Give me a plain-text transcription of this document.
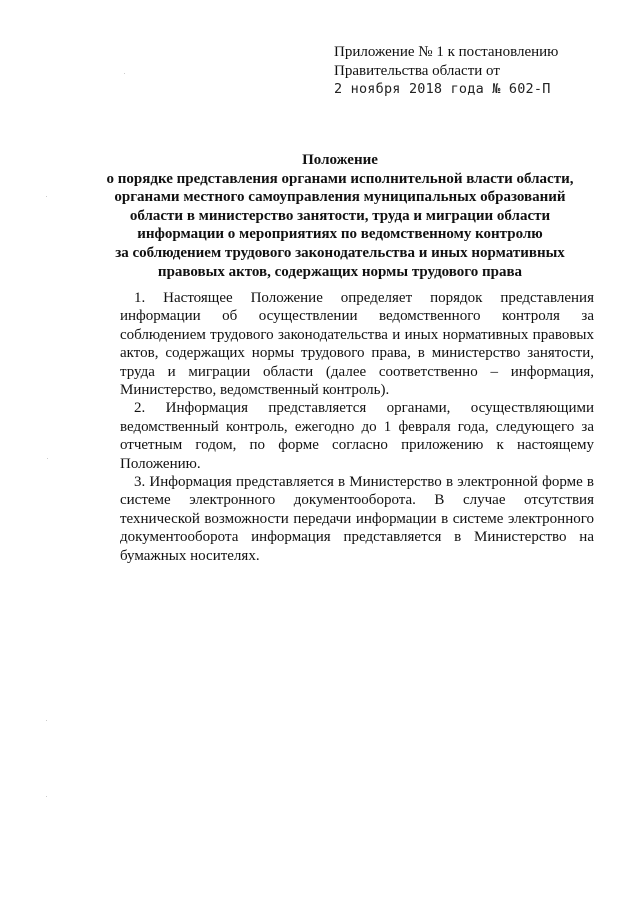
Приложение № 1 к постановлению
Правительства области от
2 ноября 2018 года № 602-П
Положение
о порядке представления органами исполнительной власти области,
органами местного самоуправления муниципальных образований
области в министерство занятости, труда и миграции области
информации о мероприятиях по ведомственному контролю
за соблюдением трудового законодательства и иных нормативных
правовых актов, содержащих нормы трудового права

1. Настоящее Положение определяет порядок представления информации об осуществлении ведомственного контроля за соблюдением трудового законодательства и иных нормативных правовых актов, содержащих нормы трудового права, в министерство занятости, труда и миграции области (далее соответственно – информация, Министерство, ведомственный контроль).

2. Информация представляется органами, осуществляющими ведомственный контроль, ежегодно до 1 февраля года, следующего за отчетным годом, по форме согласно приложению к настоящему Положению.

3. Информация представляется в Министерство в электронной форме в системе электронного документооборота. В случае отсутствия технической возможности передачи информации в системе электронного документооборота информация представляется в Министерство на бумажных носителях.
